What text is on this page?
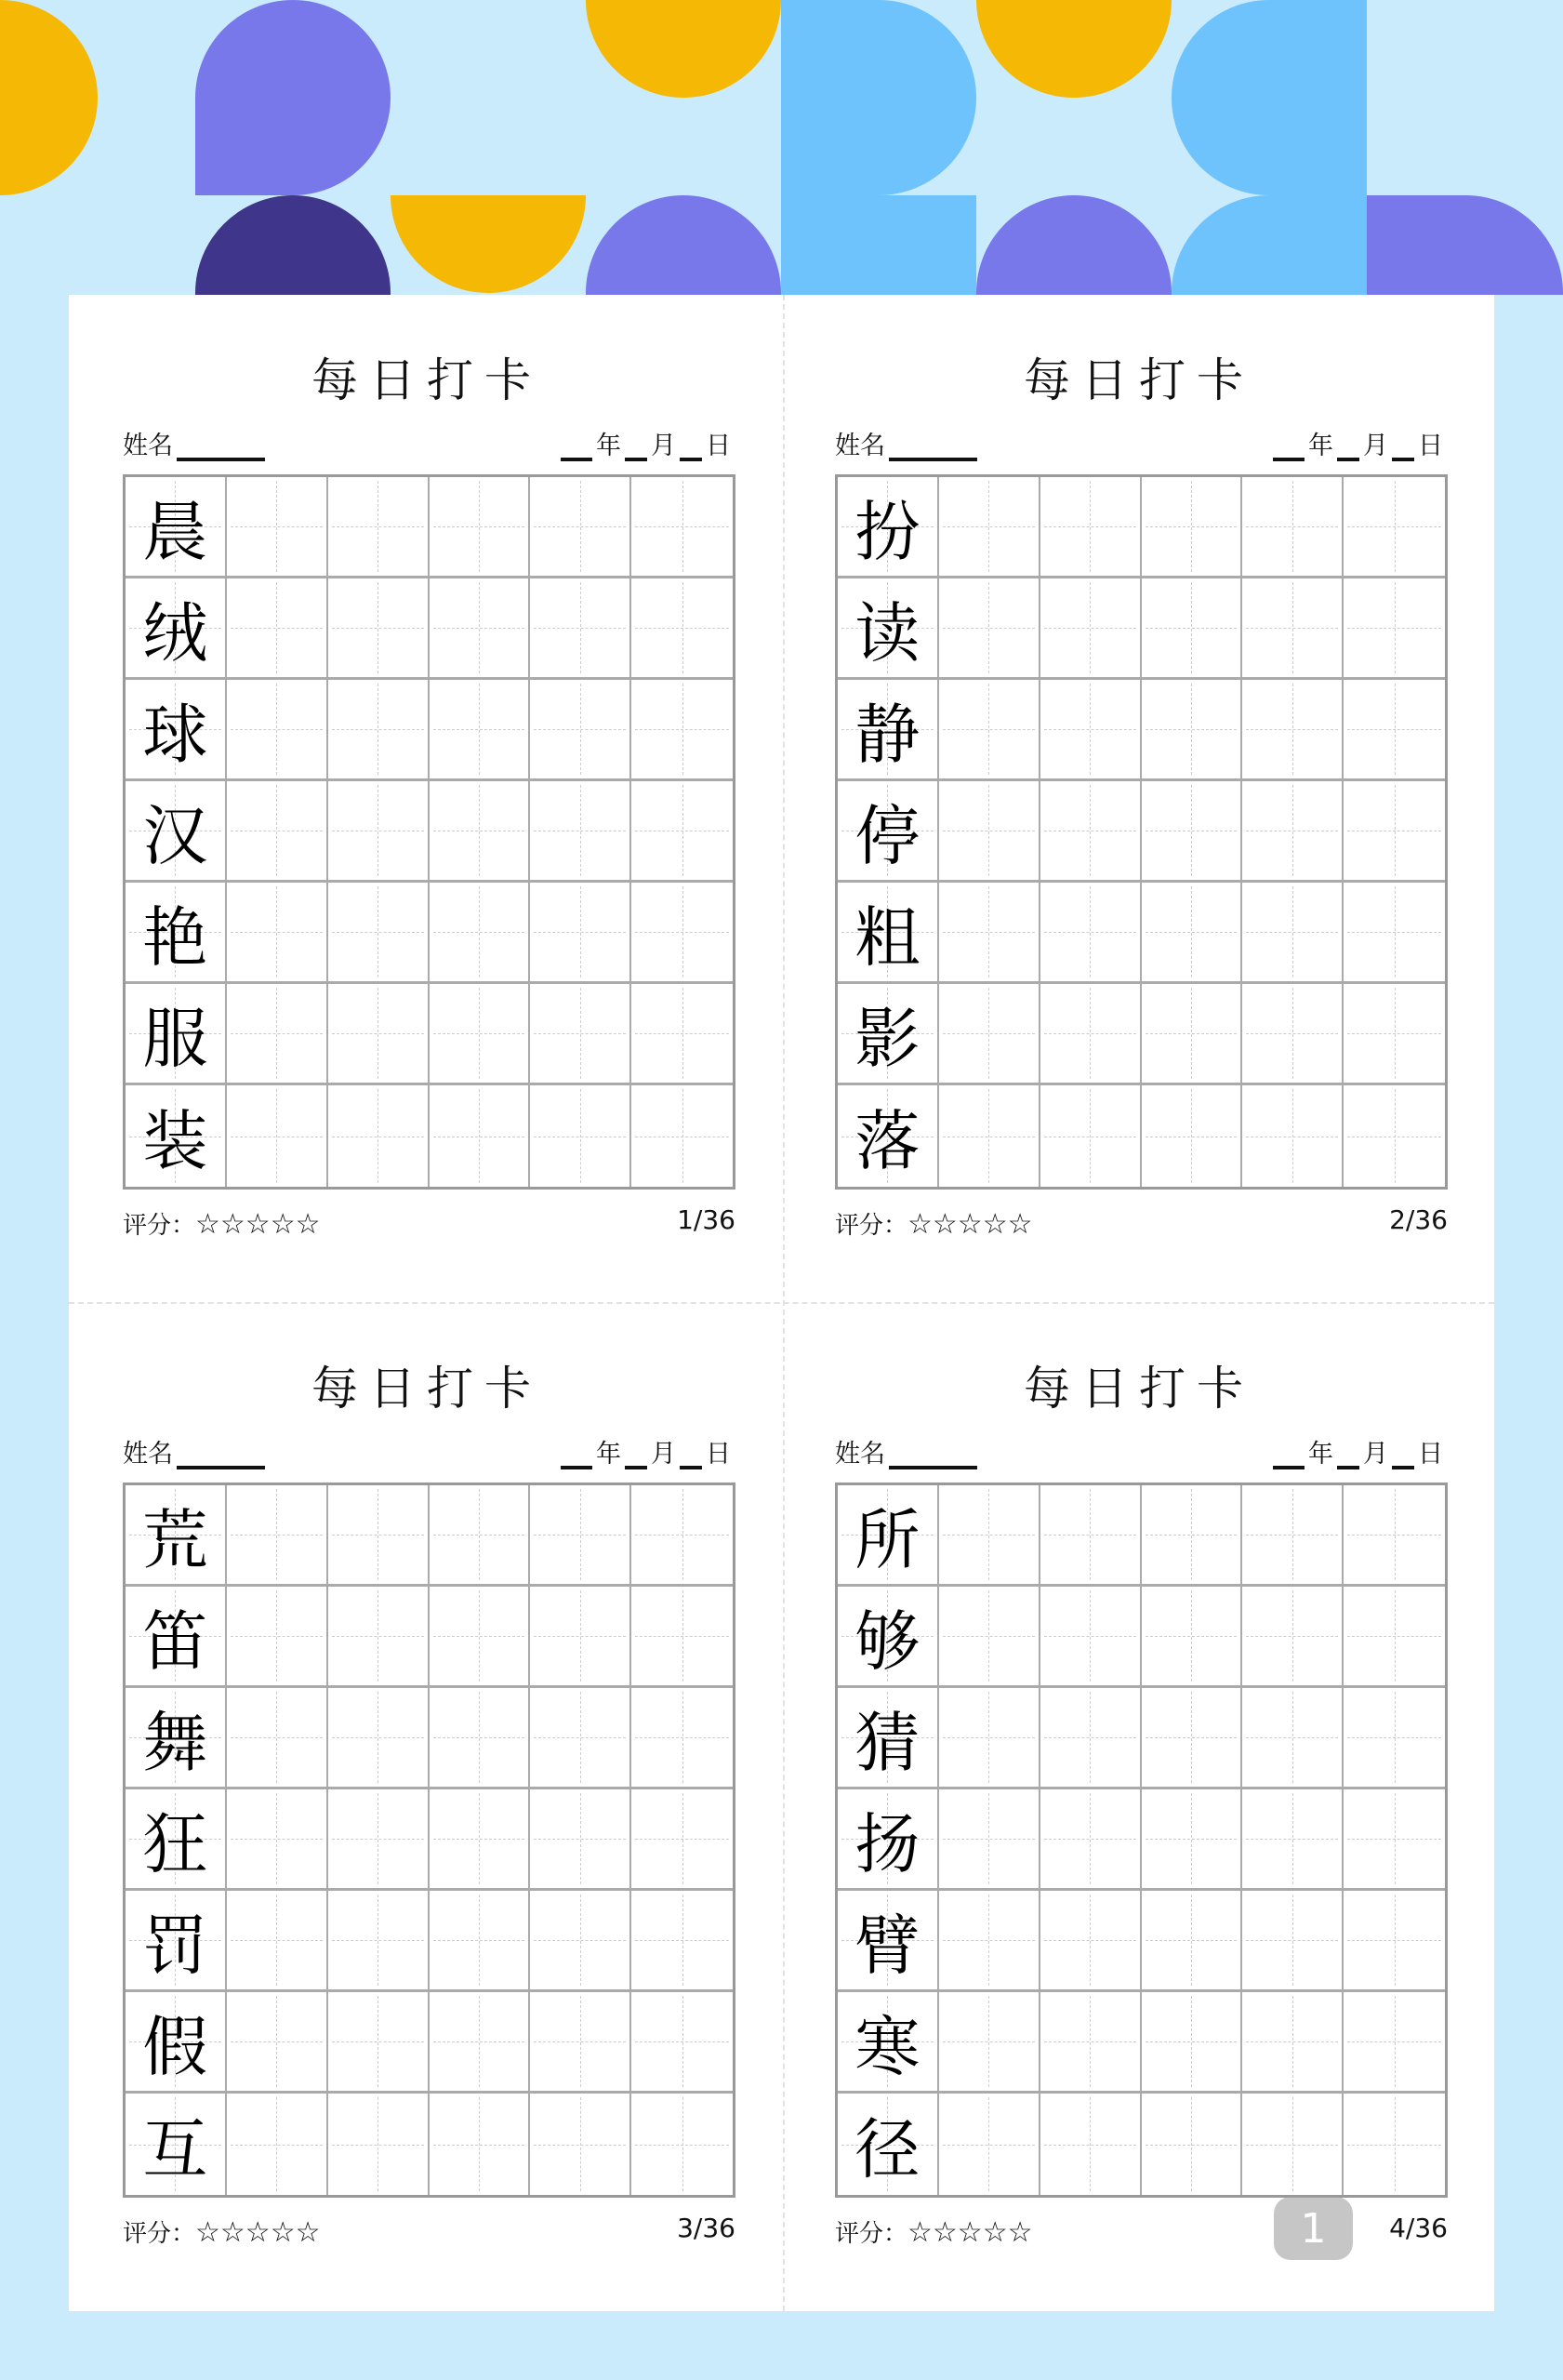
每日打卡
姓名	年 月 日
晨
绒
球
汉
艳
服
装
评分：☆☆☆☆☆	1/36
每日打卡
姓名	年 月 日
扮
读
静
停
粗
影
落
评分：☆☆☆☆☆	2/36
每日打卡
姓名	年 月 日
荒
笛
舞
狂
罚
假
互
评分：☆☆☆☆☆	3/36
每日打卡
姓名	年 月 日
所
够
猜
扬
臂
寒
径
评分：☆☆☆☆☆	4/36
1
